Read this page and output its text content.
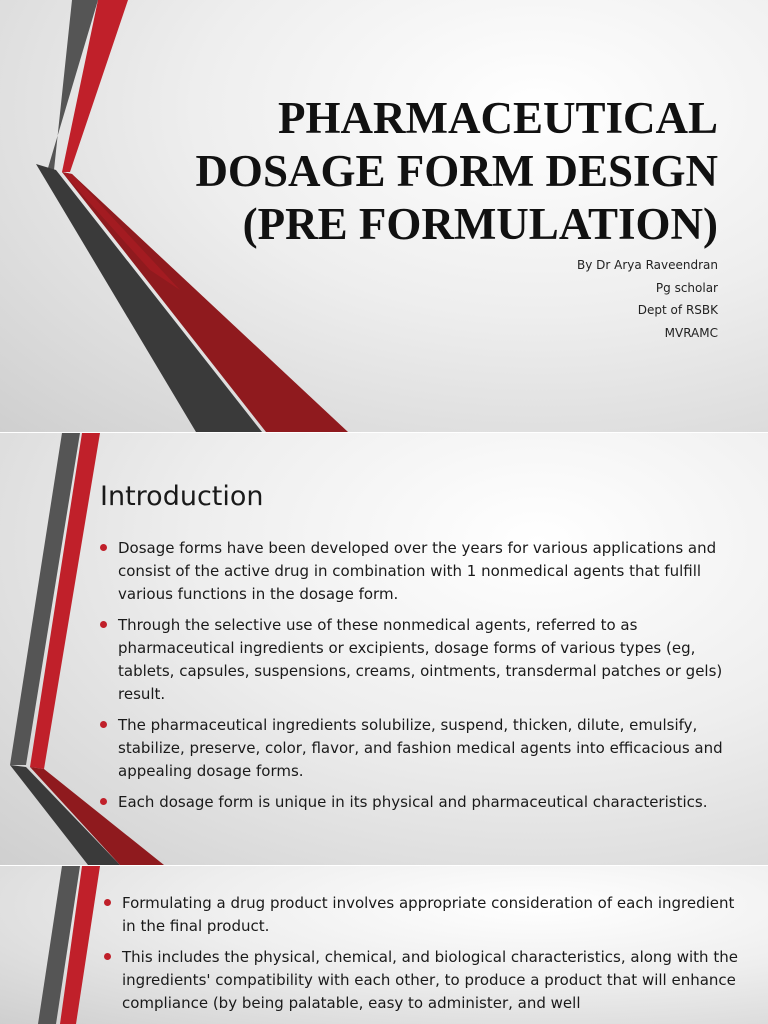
PHARMACEUTICAL
DOSAGE FORM DESIGN
(PRE FORMULATION)
By Dr Arya Raveendran
Pg scholar
Dept of RSBK
MVRAMC
Introduction
Dosage forms have been developed over the years for various applications and consist of the active drug in combination with 1 nonmedical agents that fulfill various functions in the dosage form.
Through the selective use of these nonmedical agents, referred to as pharmaceutical ingredients or excipients, dosage forms of various types (eg, tablets, capsules, suspensions, creams, ointments, transdermal patches or gels) result.
The pharmaceutical ingredients solubilize, suspend, thicken, dilute, emulsify, stabilize, preserve, color, flavor, and fashion medical agents into efficacious and appealing dosage forms.
Each dosage form is unique in its physical and pharmaceutical characteristics.
Formulating a drug product involves appropriate consideration of each ingredient in the final product.
This includes the physical, chemical, and biological characteristics, along with the ingredients' compatibility with each other, to produce a product that will enhance compliance (by being palatable, easy to administer, and well
